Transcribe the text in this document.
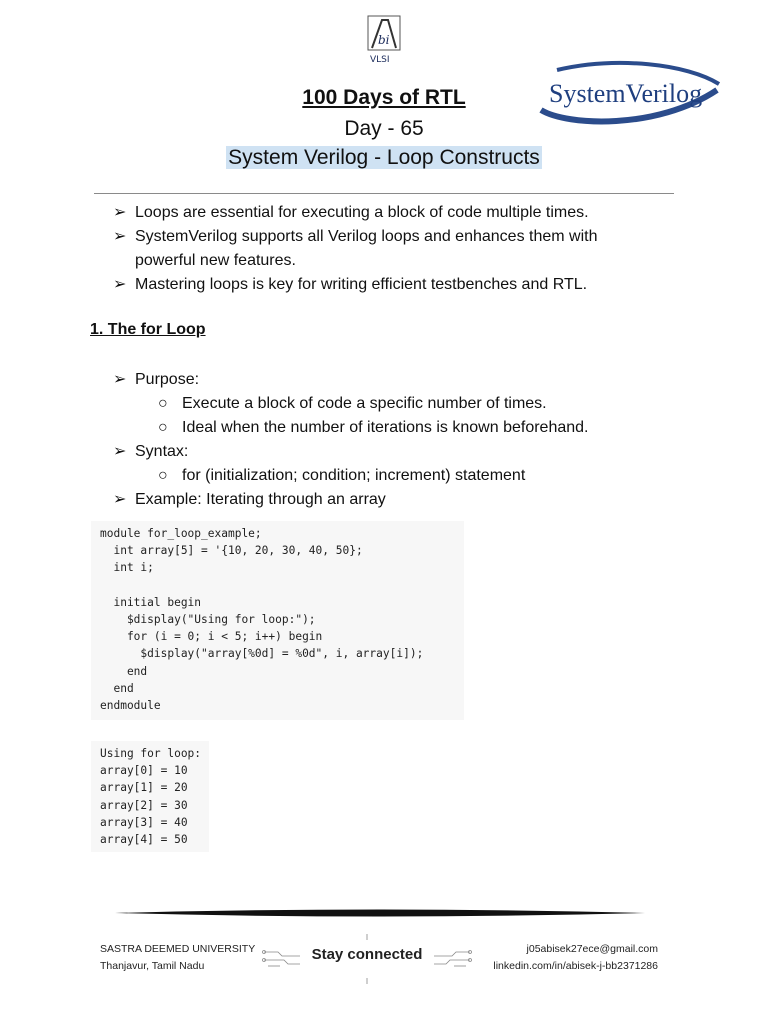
bi
VLSI
SystemVerilog
100 Days of RTL
Day - 65
System Verilog - Loop Constructs
➢ Loops are essential for executing a block of code multiple times.
➢ SystemVerilog supports all Verilog loops and enhances them with
powerful new features.
➢ Mastering loops is key for writing efficient testbenches and RTL.
1. The for Loop
➢ Purpose:
○ Execute a block of code a specific number of times.
○ Ideal when the number of iterations is known beforehand.
➢ Syntax:
○ for (initialization; condition; increment) statement
➢ Example: Iterating through an array
module for_loop_example;
int array[5] = '{10, 20, 30, 40, 50};
int i;

initial begin
$display("Using for loop:");
for (i = 0; i < 5; i++) begin
$display("array[%0d] = %0d", i, array[i]);
end
end
endmodule
Using for loop:
array[0] = 10
array[1] = 20
array[2] = 30
array[3] = 40
array[4] = 50
SASTRA DEEMED UNIVERSITY
Thanjavur, Tamil Nadu
Stay connected	j05abisek27ece@gmail.com
linkedin.com/in/abisek-j-bb2371286
